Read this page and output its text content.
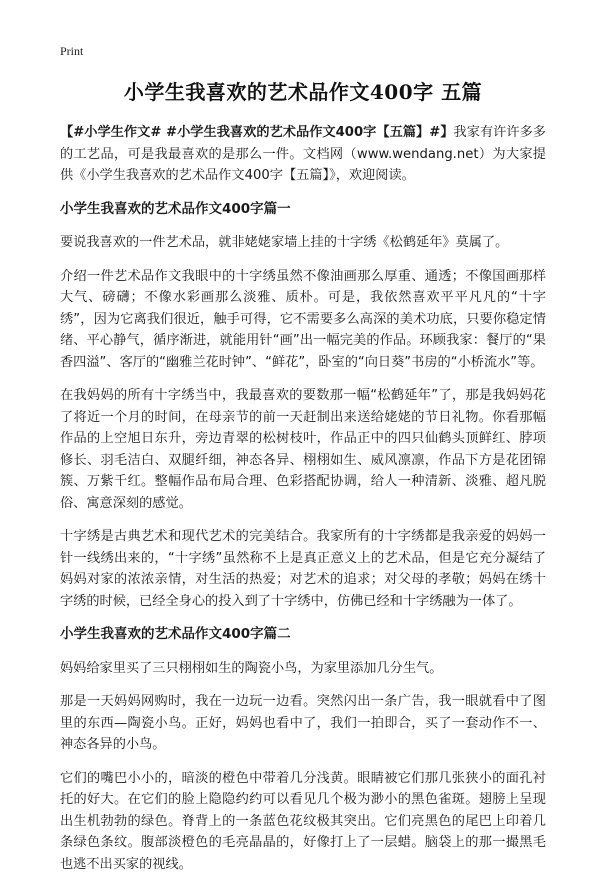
Print
小学生我喜欢的艺术品作文400字 五篇

【#小学生作文# #小学生我喜欢的艺术品作文400字【五篇】#】我家有许许多多的工艺品，可是我最喜欢的是那么一件。文档网（www.wendang.net）为大家提供《小学生我喜欢的艺术品作文400字【五篇】》，欢迎阅读。

小学生我喜欢的艺术品作文400字篇一

要说我喜欢的一件艺术品，就非姥姥家墙上挂的十字绣《松鹤延年》莫属了。

介绍一件艺术品作文我眼中的十字绣虽然不像油画那么厚重、通透；不像国画那样大气、磅礴；不像水彩画那么淡雅、质朴。可是，我依然喜欢平平凡凡的“十字绣”，因为它离我们很近，触手可得，它不需要多么高深的美术功底，只要你稳定情绪、平心静气，循序渐进，就能用针“画”出一幅完美的作品。环顾我家：餐厅的“果香四溢”、客厅的“幽雅兰花时钟”、“鲜花”，卧室的“向日葵”书房的“小桥流水”等。

在我妈妈的所有十字绣当中，我最喜欢的要数那一幅“松鹤延年”了，那是我妈妈花了将近一个月的时间，在母亲节的前一天赶制出来送给姥姥的节日礼物。你看那幅作品的上空旭日东升，旁边青翠的松树枝叶，作品正中的四只仙鹤头顶鲜红、脖项修长、羽毛洁白、双腿纤细，神态各异、栩栩如生、威风凛凛，作品下方是花团锦簇、万紫千红。整幅作品布局合理、色彩搭配协调，给人一种清新、淡雅、超凡脱俗、寓意深刻的感觉。

十字绣是古典艺术和现代艺术的完美结合。我家所有的十字绣都是我亲爱的妈妈一针一线绣出来的，“十字绣”虽然称不上是真正意义上的艺术品，但是它充分凝结了妈妈对家的浓浓亲情，对生活的热爱；对艺术的追求；对父母的孝敬；妈妈在绣十字绣的时候，已经全身心的投入到了十字绣中，仿佛已经和十字绣融为一体了。

小学生我喜欢的艺术品作文400字篇二

妈妈给家里买了三只栩栩如生的陶瓷小鸟，为家里添加几分生气。

那是一天妈妈网购时，我在一边玩一边看。突然闪出一条广告，我一眼就看中了图里的东西—陶瓷小鸟。正好，妈妈也看中了，我们一拍即合，买了一套动作不一、神态各异的小鸟。

它们的嘴巴小小的，暗淡的橙色中带着几分浅黄。眼睛被它们那几张狭小的面孔衬托的好大。在它们的脸上隐隐约约可以看见几个极为渺小的黑色雀斑。翅膀上呈现出生机勃勃的绿色。脊背上的一条蓝色花纹极其突出。它们亮黑色的尾巴上印着几条绿色条纹。腹部淡橙色的毛亮晶晶的，好像打上了一层蜡。脑袋上的那一撮黑毛也逃不出买家的视线。
